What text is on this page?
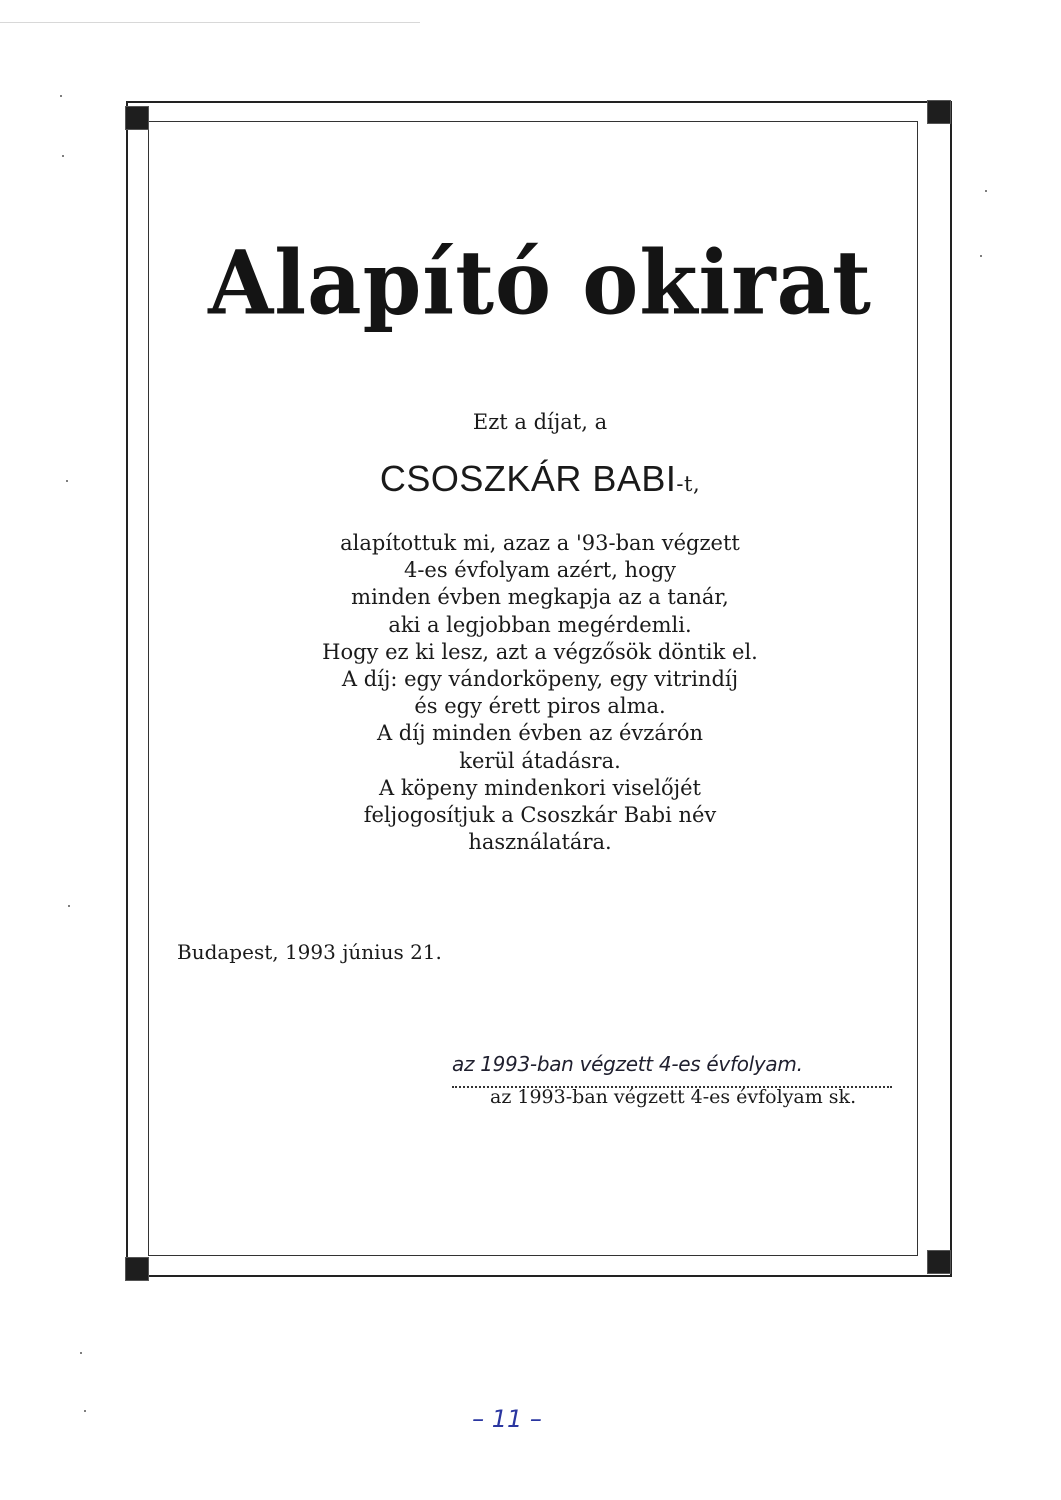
Alapító okirat
Ezt a díjat, a
CSOSZKÁR BABI-t,
alapítottuk mi, azaz a '93-ban végzett
4-es évfolyam azért, hogy
minden évben megkapja az a tanár,
aki a legjobban megérdemli.
Hogy ez ki lesz, azt a végzősök döntik el.
A díj: egy vándorköpeny, egy vitrindíj
és egy érett piros alma.
A díj minden évben az évzárón
kerül átadásra.
A köpeny mindenkori viselőjét
feljogosítjuk a Csoszkár Babi név
használatára.
Budapest, 1993 június 21.
az 1993-ban végzett 4-es évfolyam.
az 1993-ban végzett 4-es évfolyam sk.
– 11 –
